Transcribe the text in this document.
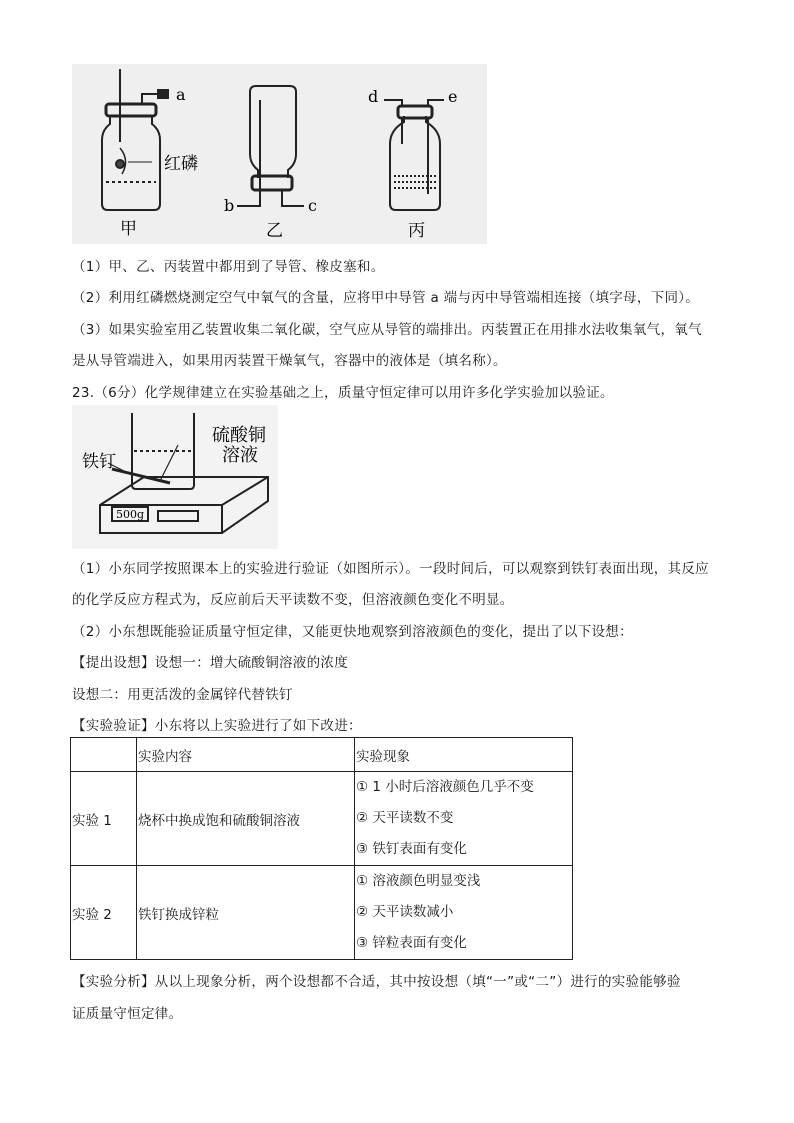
a
红磷
甲
b	c
乙
d	e
丙
（1）甲、乙、丙装置中都用到了导管、橡皮塞和。
（2）利用红磷燃烧测定空气中氧气的含量，应将甲中导管 a 端与丙中导管端相连接（填字母，下同）。
（3）如果实验室用乙装置收集二氧化碳，空气应从导管的端排出。丙装置正在用排水法收集氧气，氧气
是从导管端进入，如果用丙装置干燥氧气，容器中的液体是（填名称）。
23.（6分）化学规律建立在实验基础之上，质量守恒定律可以用许多化学实验加以验证。
500g
铁钉
硫酸铜
溶液
（1）小东同学按照课本上的实验进行验证（如图所示）。一段时间后，可以观察到铁钉表面出现，其反应
的化学反应方程式为，反应前后天平读数不变，但溶液颜色变化不明显。
（2）小东想既能验证质量守恒定律，又能更快地观察到溶液颜色的变化，提出了以下设想：
【提出设想】设想一：增大硫酸铜溶液的浓度
设想二：用更活泼的金属锌代替铁钉
【实验验证】小东将以上实验进行了如下改进：
	实验内容	实验现象
实验 1	烧杯中换成饱和硫酸铜溶液	① 1 小时后溶液颜色几乎不变
② 天平读数不变
③ 铁钉表面有变化

实验 2	铁钉换成锌粒	① 溶液颜色明显变浅
② 天平读数减小
③ 锌粒表面有变化
【实验分析】从以上现象分析，两个设想都不合适，其中按设想（填“一”或“二”）进行的实验能够验
证质量守恒定律。
